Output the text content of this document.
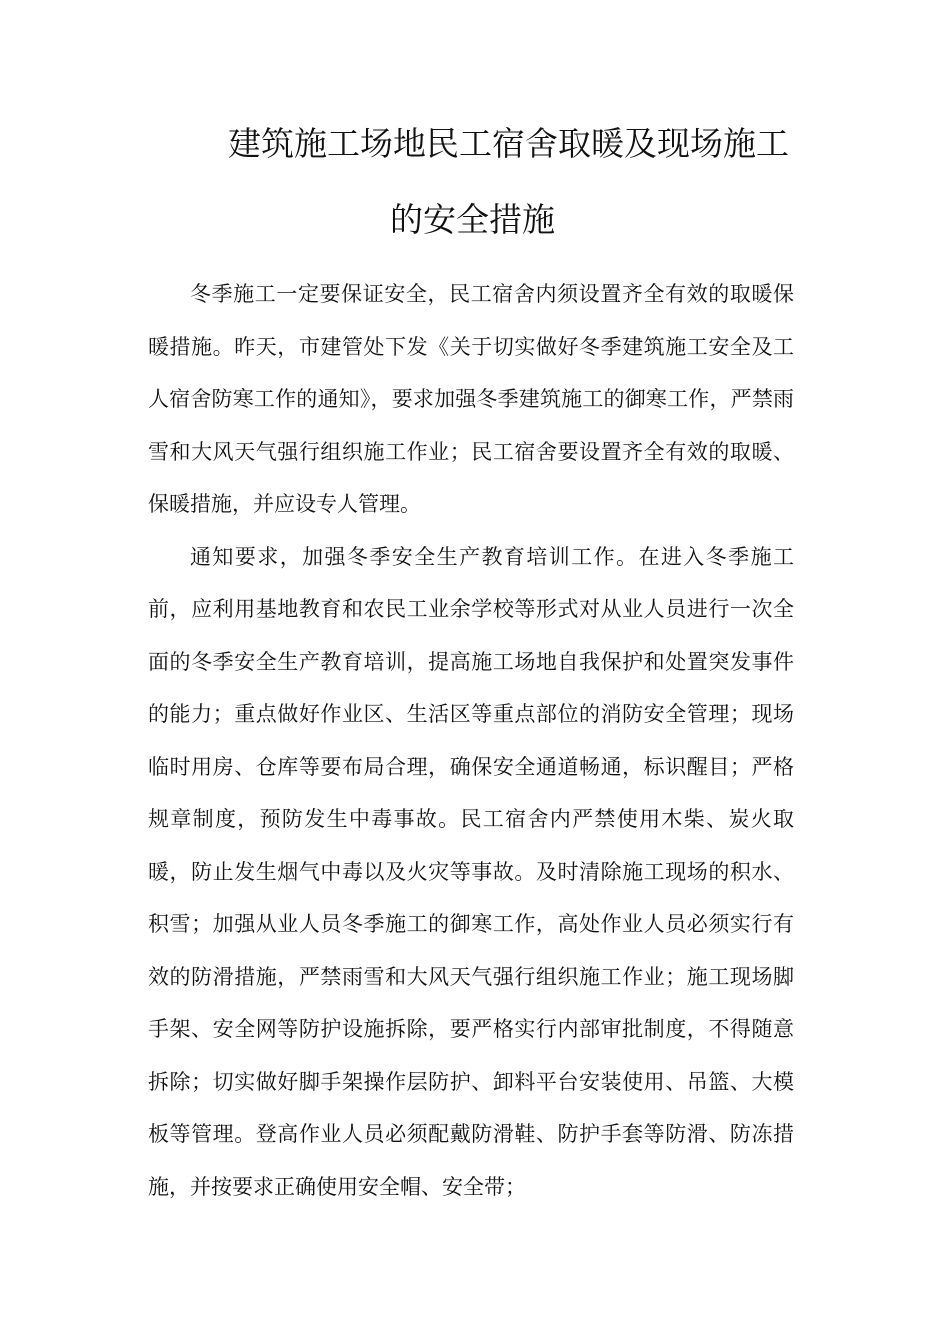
建筑施工场地民工宿舍取暖及现场施工
的安全措施

冬季施工一定要保证安全，民工宿舍内须设置齐全有效的取暖保暖措施。昨天，市建管处下发《关于切实做好冬季建筑施工安全及工人宿舍防寒工作的通知》，要求加强冬季建筑施工的御寒工作，严禁雨雪和大风天气强行组织施工作业；民工宿舍要设置齐全有效的取暖、保暖措施，并应设专人管理。

通知要求，加强冬季安全生产教育培训工作。在进入冬季施工前，应利用基地教育和农民工业余学校等形式对从业人员进行一次全面的冬季安全生产教育培训，提高施工场地自我保护和处置突发事件的能力；重点做好作业区、生活区等重点部位的消防安全管理；现场临时用房、仓库等要布局合理，确保安全通道畅通，标识醒目；严格规章制度，预防发生中毒事故。民工宿舍内严禁使用木柴、炭火取暖，防止发生烟气中毒以及火灾等事故。及时清除施工现场的积水、积雪；加强从业人员冬季施工的御寒工作，高处作业人员必须实行有效的防滑措施，严禁雨雪和大风天气强行组织施工作业；施工现场脚手架、安全网等防护设施拆除，要严格实行内部审批制度，不得随意拆除；切实做好脚手架操作层防护、卸料平台安装使用、吊篮、大模板等管理。登高作业人员必须配戴防滑鞋、防护手套等防滑、防冻措施，并按要求正确使用安全帽、安全带；
